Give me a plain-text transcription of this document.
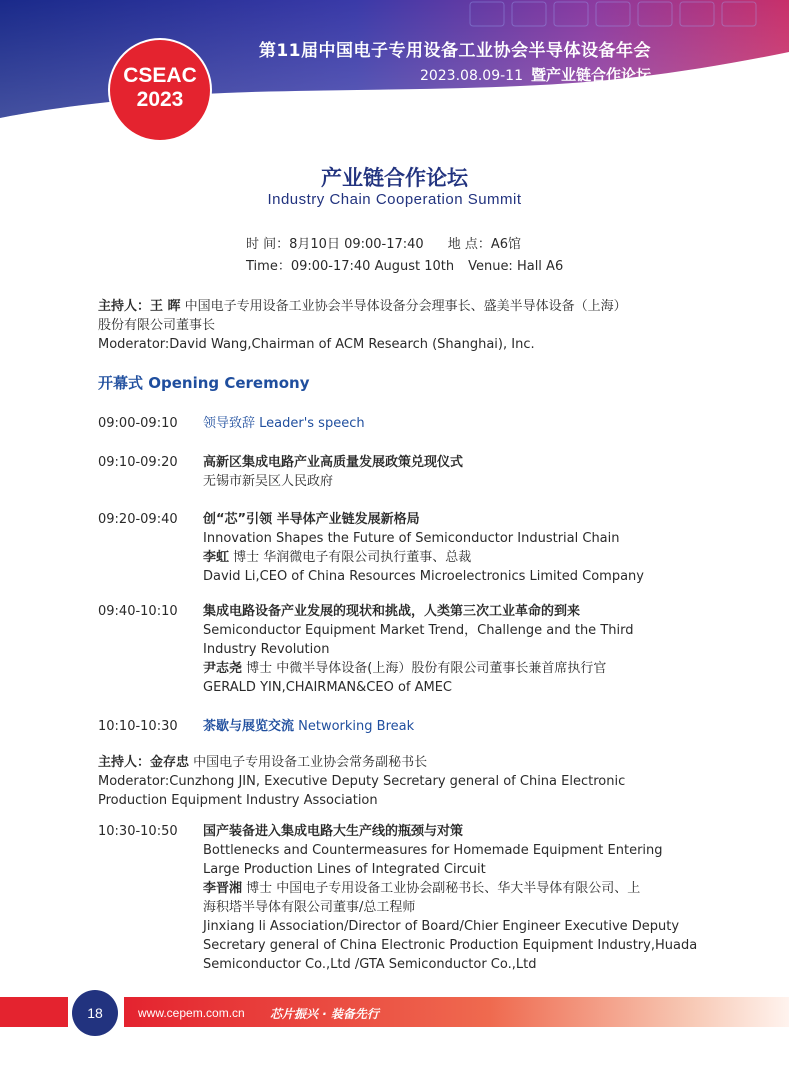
第11届中国电子专用设备工业协会半导体设备年会
2023.08.09-11 暨产业链合作论坛
CSEAC
2023
产业链合作论坛
Industry Chain Cooperation Summit
时 间：8月10日 09:00-17:40 地 点：A6馆
Time：09:00-17:40 August 10th Venue: Hall A6

主持人：王 晖 中国电子专用设备工业协会半导体设备分会理事长、盛美半导体设备（上海）

股份有限公司董事长

Moderator:David Wang,Chairman of ACM Research (Shanghai), Inc.

开幕式 Opening Ceremony
09:00-09:10	领导致辞 Leader's speech

09:10-09:20	高新区集成电路产业高质量发展政策兑现仪式

无锡市新吴区人民政府

09:20-09:40	创“芯”引领 半导体产业链发展新格局

Innovation Shapes the Future of Semiconductor Industrial Chain

李虹 博士 华润微电子有限公司执行董事、总裁

David Li,CEO of China Resources Microelectronics Limited Company

09:40-10:10	集成电路设备产业发展的现状和挑战，人类第三次工业革命的到来

Semiconductor Equipment Market Trend，Challenge and the Third

Industry Revolution

尹志尧 博士 中微半导体设备(上海）股份有限公司董事长兼首席执行官

GERALD YIN,CHAIRMAN&CEO of AMEC

10:10-10:30	茶歇与展览交流 Networking Break

主持人：金存忠 中国电子专用设备工业协会常务副秘书长

Moderator:Cunzhong JIN, Executive Deputy Secretary general of China Electronic

Production Equipment Industry Association

10:30-10:50	国产装备进入集成电路大生产线的瓶颈与对策

Bottlenecks and Countermeasures for Homemade Equipment Entering

Large Production Lines of Integrated Circuit

李晋湘 博士 中国电子专用设备工业协会副秘书长、华大半导体有限公司、上

海积塔半导体有限公司董事/总工程师

Jinxiang li Association/Director of Board/Chier Engineer Executive Deputy

Secretary general of China Electronic Production Equipment Industry,Huada

Semiconductor Co.,Ltd /GTA Semiconductor Co.,Ltd

18	www.cepem.com.cn 芯片振兴 · 装备先行
